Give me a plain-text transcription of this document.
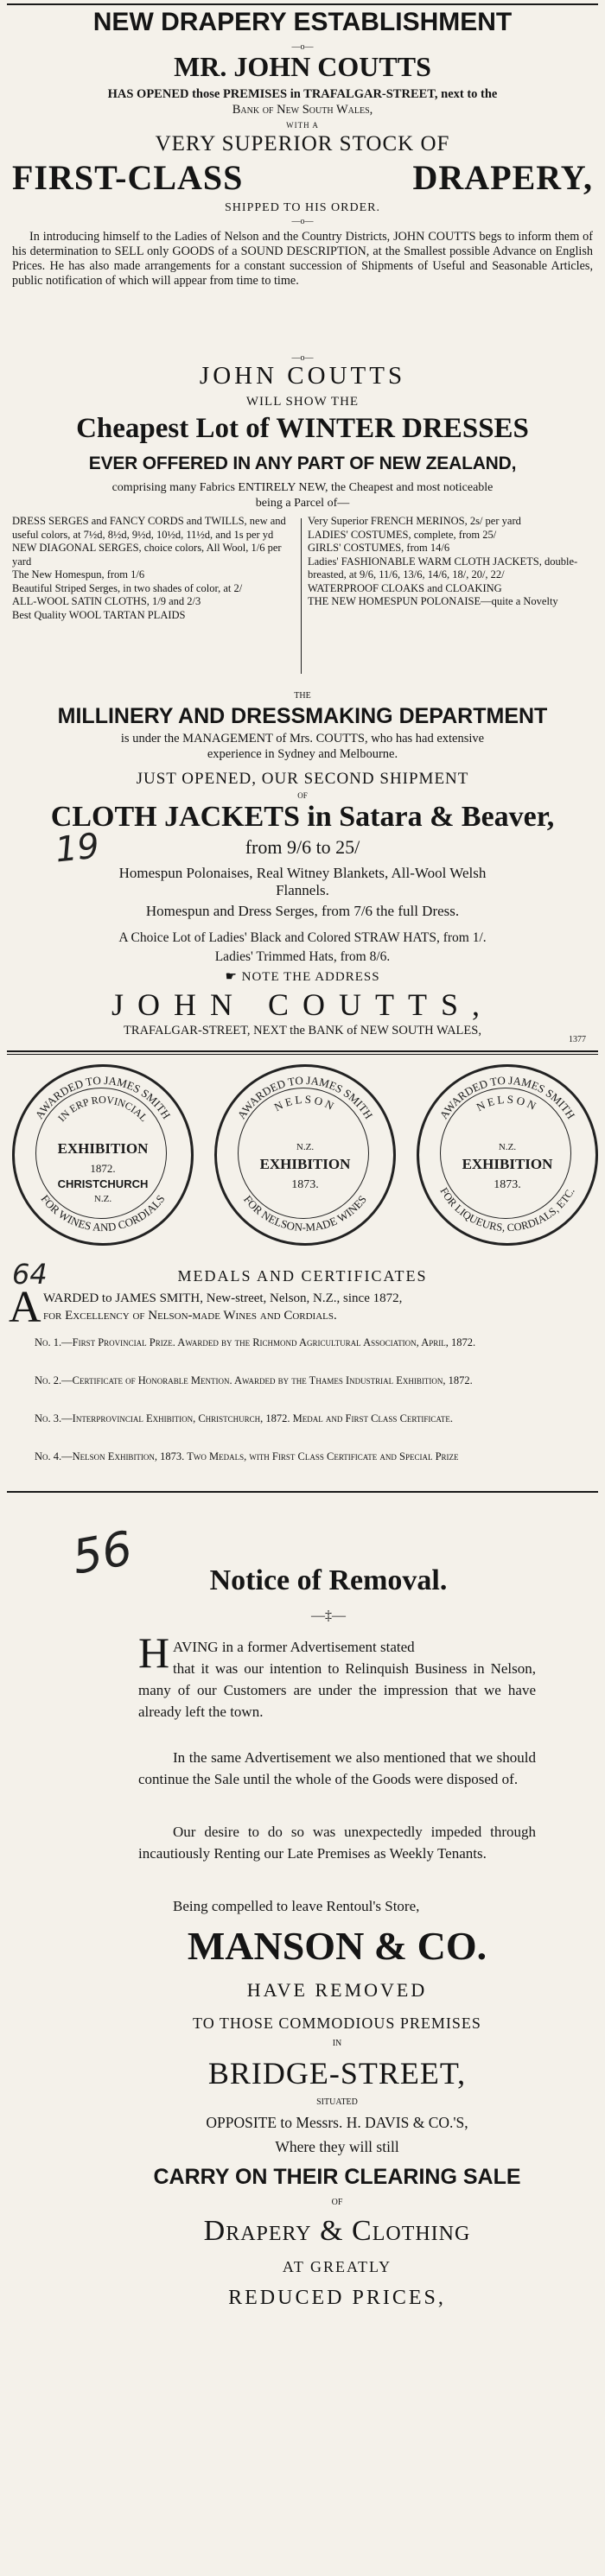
NEW DRAPERY ESTABLISHMENT
—o—
MR. JOHN COUTTS
HAS OPENED those PREMISES in TRAFALGAR-STREET, next to the
Bank of New South Wales,
WITH A
VERY SUPERIOR STOCK OF
FIRST-CLASS DRAPERY,
SHIPPED TO HIS ORDER.
—o—
In introducing himself to the Ladies of Nelson and the Country Districts, JOHN COUTTS begs to inform them of his determination to SELL only GOODS of a SOUND DESCRIPTION, at the Smallest possible Advance on English Prices. He has also made arrangements for a constant succession of Shipments of Useful and Seasonable Articles, public notification of which will appear from time to time.
—o—
JOHN COUTTS
WILL SHOW THE
Cheapest Lot of WINTER DRESSES
EVER OFFERED IN ANY PART OF NEW ZEALAND,
comprising many Fabrics ENTIRELY NEW, the Cheapest and most noticeable
being a Parcel of—

DRESS SERGES and FANCY CORDS and TWILLS, new and useful colors, at 7½d, 8½d, 9½d, 10½d, 11½d, and 1s per yd

NEW DIAGONAL SERGES, choice colors, All Wool, 1/6 per yard

The New Homespun, from 1/6

Beautiful Striped Serges, in two shades of color, at 2/

ALL-WOOL SATIN CLOTHS, 1/9 and 2/3

Best Quality WOOL TARTAN PLAIDS

Very Superior FRENCH MERINOS, 2s/ per yard

LADIES' COSTUMES, complete, from 25/

GIRLS' COSTUMES, from 14/6

Ladies' FASHIONABLE WARM CLOTH JACKETS, double-breasted, at 9/6, 11/6, 13/6, 14/6, 18/, 20/, 22/

WATERPROOF CLOAKS and CLOAKING

THE NEW HOMESPUN POLONAISE—quite a Novelty

THE
MILLINERY AND DRESSMAKING DEPARTMENT
is under the MANAGEMENT of Mrs. COUTTS, who has had extensive
experience in Sydney and Melbourne.
JUST OPENED, OUR SECOND SHIPMENT
OF
CLOTH JACKETS in Satara & Beaver,
from 9/6 to 25/
19
Homespun Polonaises, Real Witney Blankets, All-Wool Welsh
Flannels.
Homespun and Dress Serges, from 7/6 the full Dress.
A Choice Lot of Ladies' Black and Colored STRAW HATS, from 1/.
Ladies' Trimmed Hats, from 8/6.
☛ NOTE THE ADDRESS
JOHN COUTTS,
TRAFALGAR-STREET, NEXT the BANK of NEW SOUTH WALES,
1377
AWARDED TO JAMES SMITH
FOR WINES AND CORDIALS
IN ERP ROVINCIAL
EXHIBITION
1872.
CHRISTCHURCH
N.Z.
AWARDED TO JAMES SMITH
FOR NELSON-MADE WINES
NELSON
N.Z.
EXHIBITION
1873.
AWARDED TO JAMES SMITH
FOR LIQUEURS, CORDIALS, ETC.
NELSON
N.Z.
EXHIBITION
1873.
64	MEDALS AND CERTIFICATES
A WARDED to JAMES SMITH, New-street, Nelson, N.Z., since 1872,
for Excellency of Nelson-made Wines and Cordials.
No. 1.—First Provincial Prize. Awarded by the Richmond Agricultural Association, April, 1872.
No. 2.—Certificate of Honorable Mention. Awarded by the Thames Industrial Exhibition, 1872.
No. 3.—Interprovincial Exhibition, Christchurch, 1872. Medal and First Class Certificate.
No. 4.—Nelson Exhibition, 1873. Two Medals, with First Class Certificate and Special Prize
56	Notice of Removal.
—‡—
H AVING in a former Advertisement stated
that it was our intention to Relinquish Business in Nelson, many of our Customers are under the impression that we have already left the town.
In the same Advertisement we also mentioned that we should continue the Sale until the whole of the Goods were disposed of.
Our desire to do so was unexpectedly impeded through incautiously Renting our Late Premises as Weekly Tenants.
Being compelled to leave Rentoul's Store,
MANSON & CO.
HAVE REMOVED
TO THOSE COMMODIOUS PREMISES
IN
BRIDGE-STREET,
SITUATED
OPPOSITE to Messrs. H. DAVIS & CO.'S,
Where they will still
CARRY ON THEIR CLEARING SALE
OF
Drapery & Clothing
AT GREATLY
REDUCED PRICES,
